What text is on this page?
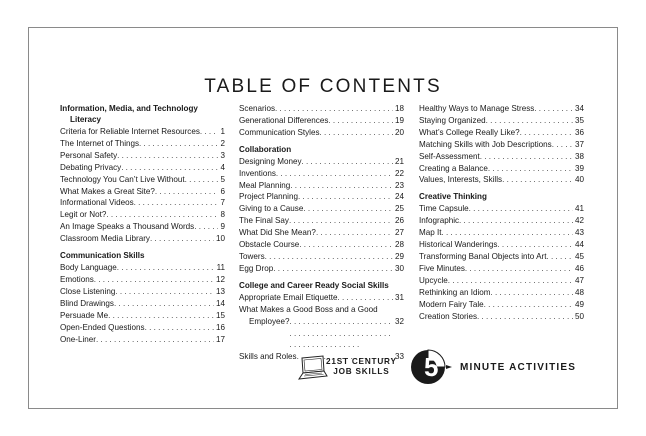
TABLE OF CONTENTS
Information, Media, and Technology
Literacy
Criteria for Reliable Internet Resources . . .	1
The Internet of Things . . .	2
Personal Safety . . .	3
Debating Privacy . . .	4
Technology You Can’t Live Without . . .	5
What Makes a Great Site? . . .	6
Informational Videos . . .	7
Legit or Not? . . .	8
An Image Speaks a Thousand Words . . .	9
Classroom Media Library . . .	10
Communication Skills
Body Language . . .	11
Emotions . . .	12
Close Listening . . .	13
Blind Drawings . . .	14
Persuade Me . . .	15
Open-Ended Questions . . .	16
One-Liner . . .	17
Scenarios . . .	18
Generational Differences . . .	19
Communication Styles . . .	20
Collaboration
Designing Money . . .	21
Inventions . . .	22
Meal Planning . . .	23
Project Planning . . .	24
Giving to a Cause . . .	25
The Final Say . . .	26
What Did She Mean? . . .	27
Obstacle Course . . .	28
Towers . . .	29
Egg Drop . . .	30
College and Career Ready Social Skills
Appropriate Email Etiquette . . .	31
What Makes a Good Boss and a Good
Employee? . . .	32
Skills and Roles . . .	33
Healthy Ways to Manage Stress . . .	34
Staying Organized . . .	35
What’s College Really Like? . . .	36
Matching Skills with Job Descriptions . . .	37
Self-Assessment . . .	38
Creating a Balance . . .	39
Values, Interests, Skills . . .	40
Creative Thinking
Time Capsule . . .	41
Infographic . . .	42
Map It . . .	43
Historical Wanderings . . .	44
Transforming Banal Objects into Art . . .	45
Five Minutes . . .	46
Upcycle . . .	47
Rethinking an Idiom . . .	48
Modern Fairy Tale . . .	49
Creation Stories . . .	50
21ST CENTURY
JOB SKILLS 5 MINUTE ACTIVITIES
